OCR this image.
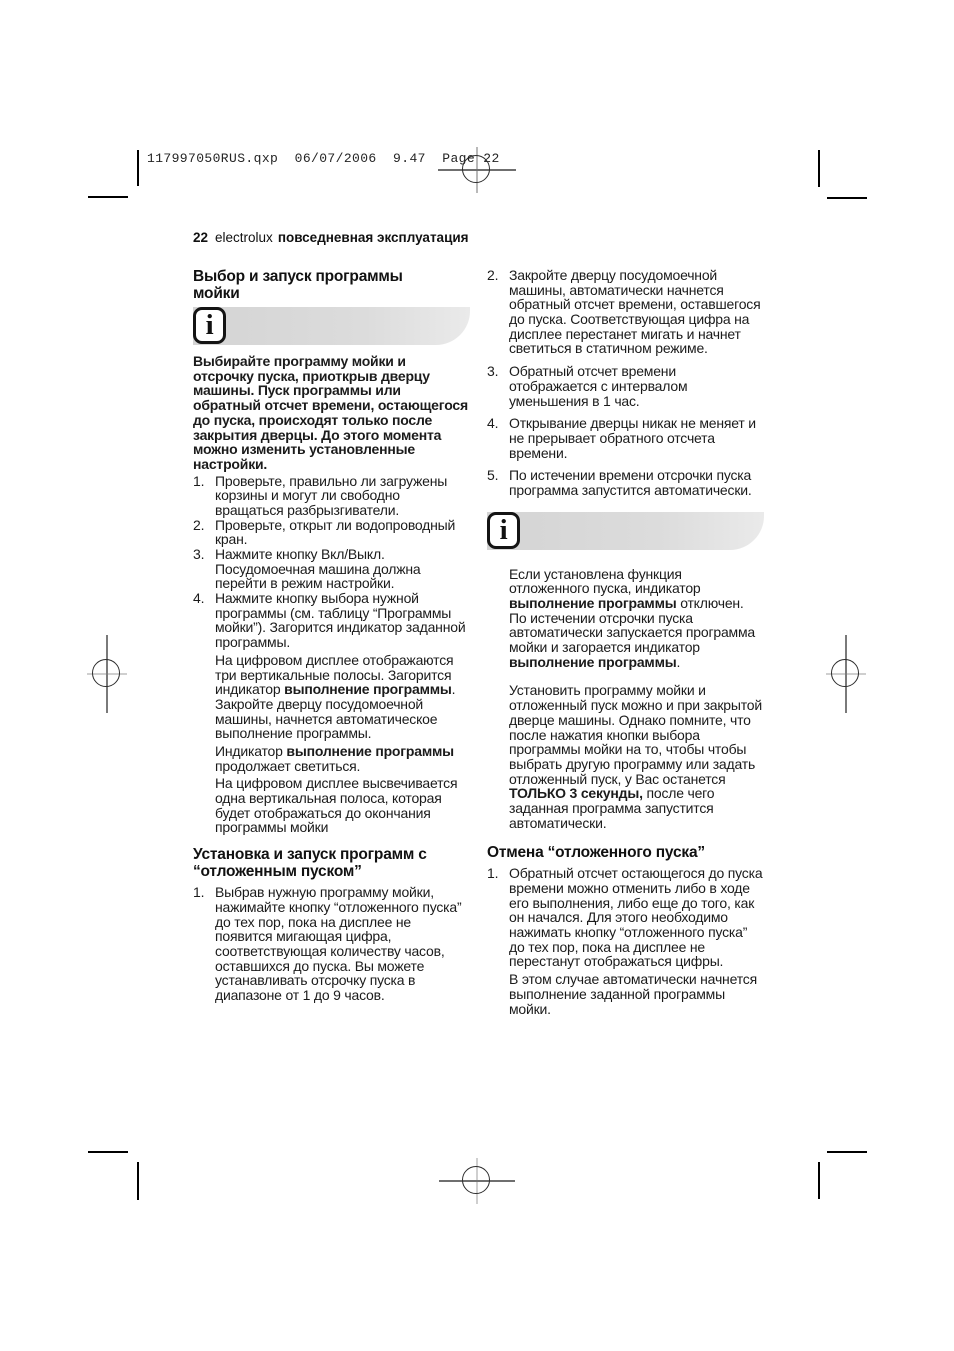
117997050RUS.qxp  06/07/2006  9.47  Page 22
22 electrolux повседневная эксплуатация
Выбор и запуск программы мойки
i

Выбирайте программу мойки и отсрочку пуска, приоткрыв дверцу машины. Пуск программы или обратный отсчет времени, остающегося до пуска, происходят только после закрытия дверцы. До этого момента можно изменить установленные настройки.

1. Проверьте, правильно ли загружены корзины и могут ли свободно вращаться разбрызгиватели.

2. Проверьте, открыт ли водопроводный кран.

3. Нажмите кнопку Вкл/Выкл. Посудомоечная машина должна перейти в режим настройки.

4. Нажмите кнопку выбора нужной программы (см. таблицу “Программы мойки”). Загорится индикатор заданной программы.

На цифровом дисплее отображаются три вертикальные полосы. Загорится индикатор выполнение программы. Закройте дверцу посудомоечной машины, начнется автоматическое выполнение программы.

Индикатор выполнение программы продолжает светиться.

На цифровом дисплее высвечивается одна вертикальная полоса, которая будет отображаться до окончания программы мойки

Установка и запуск программ с “отложенным пуском”
1. Выбрав нужную программу мойки, нажимайте кнопку “отложенного пуска” до тех пор, пока на дисплее не появится мигающая цифра, соответствующая количеству часов, оставшихся до пуска. Вы можете устанавливать отсрочку пуска в диапазоне от 1 до 9 часов.

2. Закройте дверцу посудомоечной машины, автоматически начнется обратный отсчет времени, оставшегося до пуска. Соответствующая цифра на дисплее перестанет мигать и начнет светиться в статичном режиме.

3. Обратный отсчет времени отображается с интервалом уменьшения в 1 час.

4. Открывание дверцы никак не меняет и не прерывает обратного отсчета времени.

5. По истечении времени отсрочки пуска программа запустится автоматически.

i

Если установлена функция отложенного пуска, индикатор выполнение программы отключен. По истечении отсрочки пуска автоматически запускается программа мойки и загорается индикатор выполнение программы.

Установить программу мойки и отложенный пуск можно и при закрытой дверце машины. Однако помните, что после нажатия кнопки выбора программы мойки на то, чтобы чтобы выбрать другую программу или задать отложенный пуск, у Вас останется ТОЛЬКО 3 секунды, после чего заданная программа запустится автоматически.

Отмена “отложенного пуска”
1. Обратный отсчет остающегося до пуска времени можно отменить либо в ходе его выполнения, либо еще до того, как он начался. Для этого необходимо нажимать кнопку “отложенного пуска” до тех пор, пока на дисплее не перестанут отображаться цифры.

В этом случае автоматически начнется выполнение заданной программы мойки.
